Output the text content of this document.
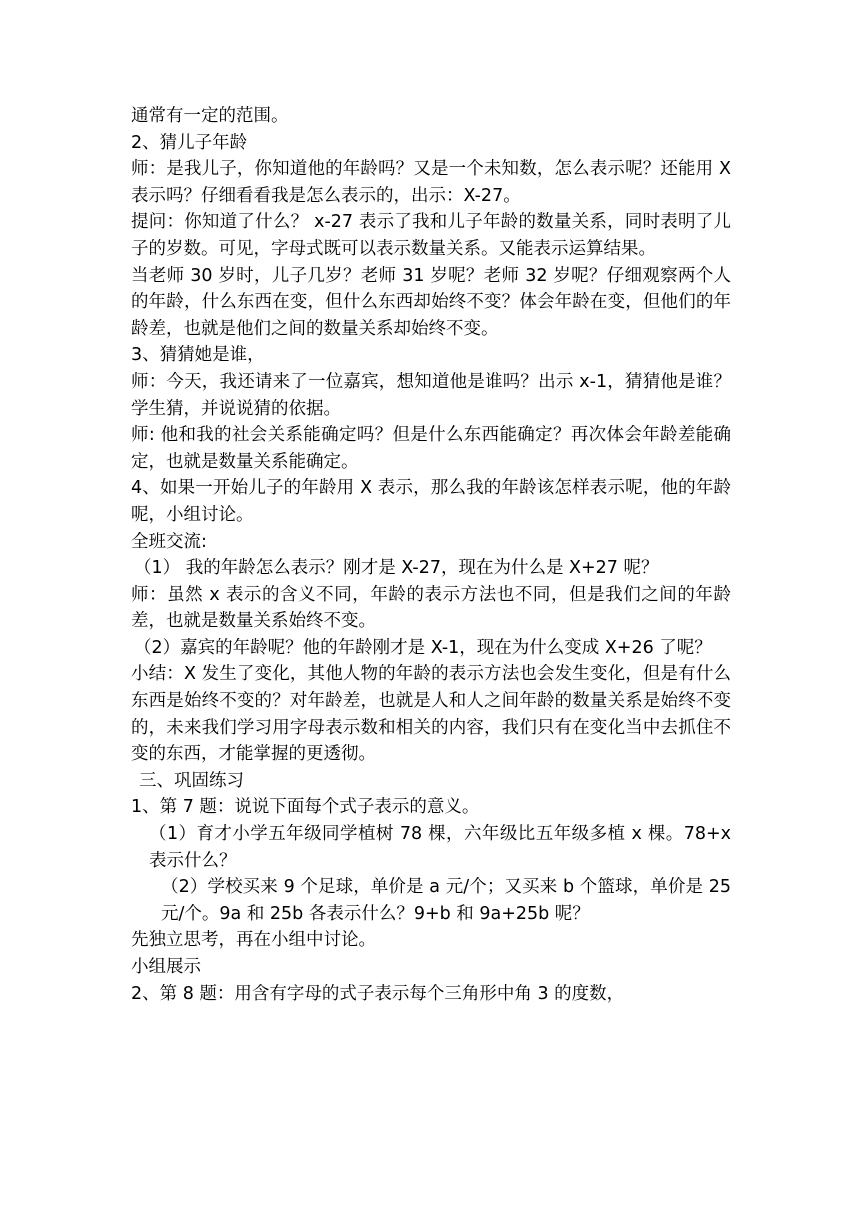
通常有一定的范围。

2、猜儿子年龄

师：是我儿子，你知道他的年龄吗？又是一个未知数，怎么表示呢？还能用 X 表示吗？仔细看看我是怎么表示的，出示：X-27。

提问：你知道了什么？ x-27 表示了我和儿子年龄的数量关系，同时表明了儿子的岁数。可见，字母式既可以表示数量关系。又能表示运算结果。

当老师 30 岁时，儿子几岁？老师 31 岁呢？老师 32 岁呢？仔细观察两个人的年龄，什么东西在变，但什么东西却始终不变？体会年龄在变，但他们的年龄差，也就是他们之间的数量关系却始终不变。

3、猜猜她是谁，

师：今天，我还请来了一位嘉宾，想知道他是谁吗？出示 x-1，猜猜他是谁？学生猜，并说说猜的依据。

师: 他和我的社会关系能确定吗？但是什么东西能确定？再次体会年龄差能确定，也就是数量关系能确定。

4、如果一开始儿子的年龄用 X 表示，那么我的年龄该怎样表示呢，他的年龄呢，小组讨论。

全班交流:

（1） 我的年龄怎么表示？刚才是 X-27，现在为什么是 X+27 呢？

师：虽然 x 表示的含义不同，年龄的表示方法也不同，但是我们之间的年龄差，也就是数量关系始终不变。

（2）嘉宾的年龄呢？他的年龄刚才是 X-1，现在为什么变成 X+26 了呢？

小结：X 发生了变化，其他人物的年龄的表示方法也会发生变化，但是有什么东西是始终不变的？对年龄差，也就是人和人之间年龄的数量关系是始终不变的，未来我们学习用字母表示数和相关的内容，我们只有在变化当中去抓住不变的东西，才能掌握的更透彻。

三、巩固练习

1、第 7 题：说说下面每个式子表示的意义。

（1）育才小学五年级同学植树 78 棵，六年级比五年级多植 x 棵。78+x 表示什么？

（2）学校买来 9 个足球，单价是 a 元/个；又买来 b 个篮球，单价是 25 元/个。9a 和 25b 各表示什么？9+b 和 9a+25b 呢？

先独立思考，再在小组中讨论。

小组展示

2、第 8 题：用含有字母的式子表示每个三角形中角 3 的度数，
